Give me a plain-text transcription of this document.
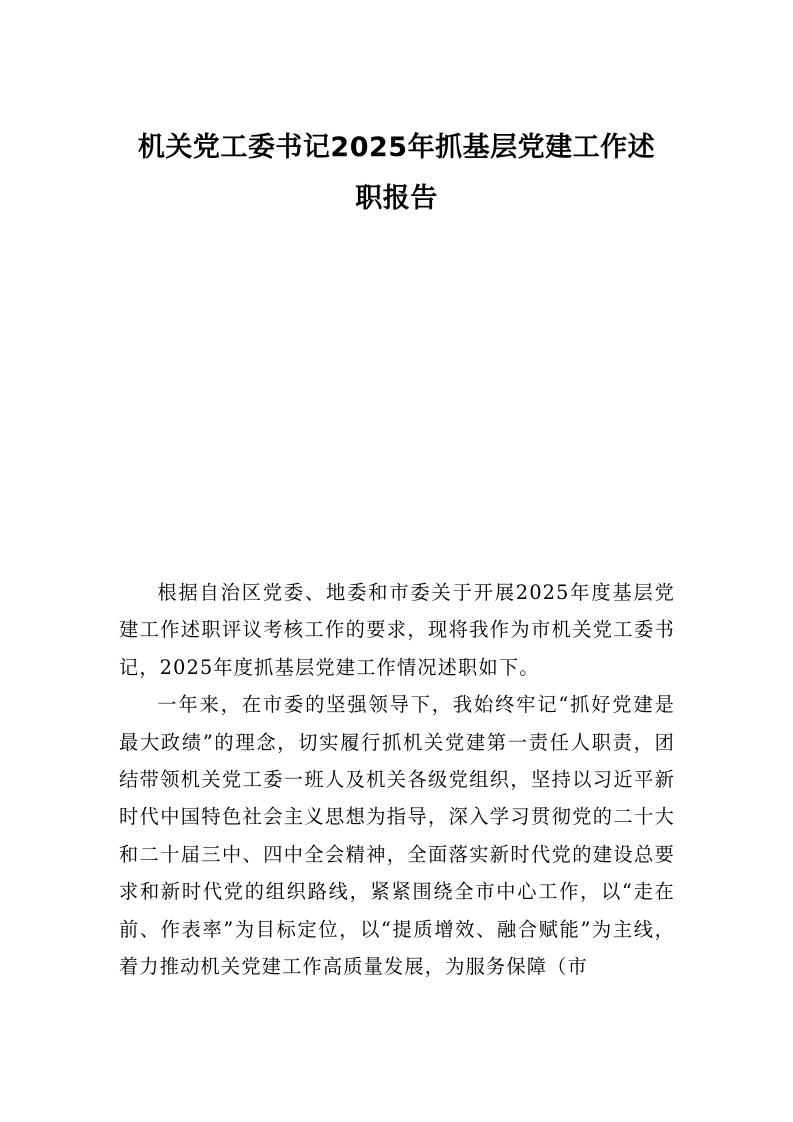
机关党工委书记2025年抓基层党建工作述
职报告

根据自治区党委、地委和市委关于开展2025年度基层党建工作述职评议考核工作的要求，现将我作为市机关党工委书记，2025年度抓基层党建工作情况述职如下。

一年来，在市委的坚强领导下，我始终牢记“抓好党建是最大政绩”的理念，切实履行抓机关党建第一责任人职责，团结带领机关党工委一班人及机关各级党组织，坚持以习近平新时代中国特色社会主义思想为指导，深入学习贯彻党的二十大和二十届三中、四中全会精神，全面落实新时代党的建设总要求和新时代党的组织路线，紧紧围绕全市中心工作，以“走在前、作表率”为目标定位，以“提质增效、融合赋能”为主线，着力推动机关党建工作高质量发展，为服务保障（市
